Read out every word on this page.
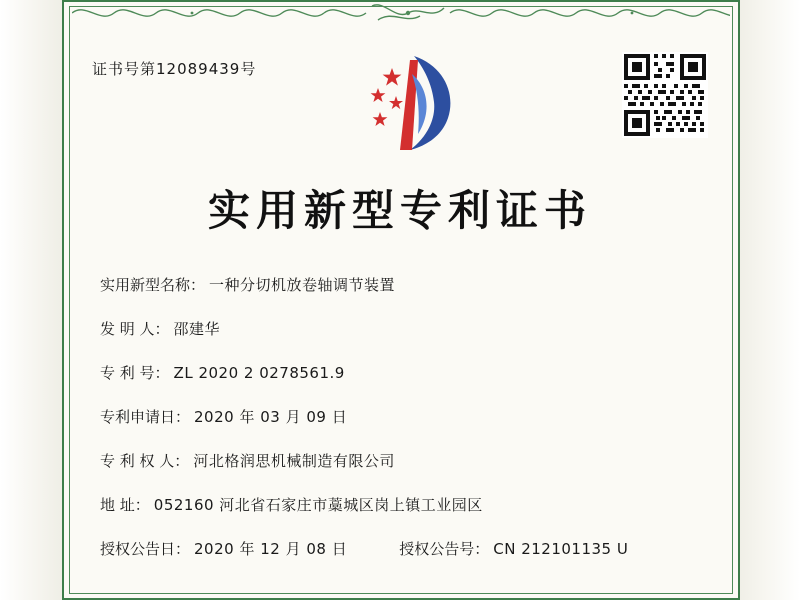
证书号第12089439号
实用新型专利证书
实用新型名称： 一种分切机放卷轴调节装置
发 明 人： 邵建华
专 利 号： ZL 2020 2 0278561.9
专利申请日： 2020 年 03 月 09 日
专 利 权 人： 河北格润思机械制造有限公司
地 址： 052160 河北省石家庄市藁城区岗上镇工业园区
授权公告日： 2020 年 12 月 08 日	授权公告号： CN 212101135 U
